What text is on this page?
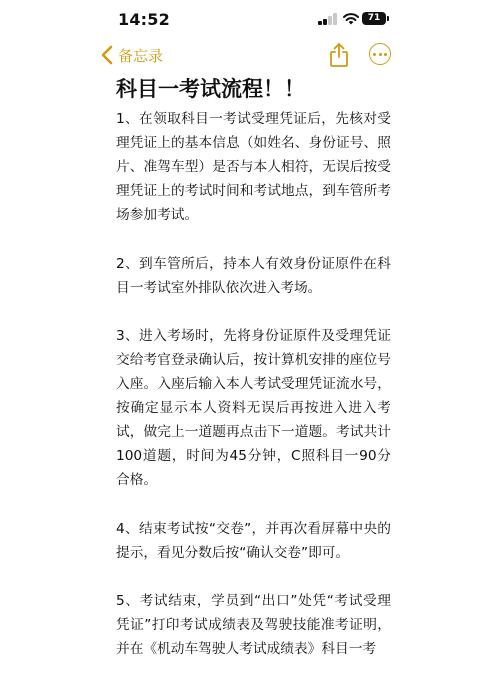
14:52	71
备忘录
科目一考试流程！！

1、在领取科目一考试受理凭证后，先核对受理凭证上的基本信息（如姓名、身份证号、照片、准驾车型）是否与本人相符，无误后按受理凭证上的考试时间和考试地点，到车管所考场参加考试。

2、到车管所后，持本人有效身份证原件在科目一考试室外排队依次进入考场。

3、进入考场时，先将身份证原件及受理凭证交给考官登录确认后，按计算机安排的座位号入座。入座后输入本人考试受理凭证流水号，按确定显示本人资料无误后再按进入进入考试，做完上一道题再点击下一道题。考试共计100道题，时间为45分钟，C照科目一90分合格。

4、结束考试按“交卷”，并再次看屏幕中央的提示，看见分数后按“确认交卷”即可。

5、考试结束，学员到“出口”处凭“考试受理凭证”打印考试成绩表及驾驶技能准考证明，并在《机动车驾驶人考试成绩表》科目一考
